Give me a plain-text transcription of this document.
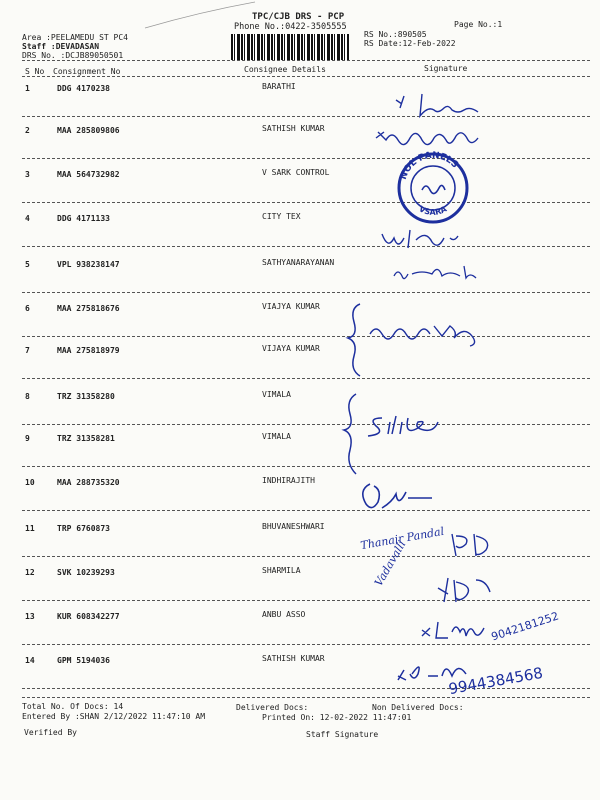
TPC/CJB DRS - PCP
Phone No.:0422-3505555	Page No.:1
Area :PEELAMEDU ST PC4
Staff :DEVADASAN
DRS No. :DCJB89050501
RS No.:890505
RS Date:12-Feb-2022
S No Consignment No	Consignee Details	Signature
1	DDG 4170238	BARATHI
2	MAA 285809806	SATHISH KUMAR
3	MAA 564732982	V SARK CONTROL
4	DDG 4171133	CITY TEX
5	VPL 938238147	SATHYANARAYANAN
6	MAA 275818676	VIAJYA KUMAR
7	MAA 275818979	VIJAYA KUMAR
8	TRZ 31358280	VIMALA
9	TRZ 31358281	VIMALA
10	MAA 288735320	INDHIRAJITH
11	TRP 6760873	BHUVANESHWARI
12	SVK 10239293	SHARMILA
13	KUR 608342277	ANBU ASSO
14	GPM 5194036	SATHISH KUMAR
NOL PANELS
VSARA
Thanair Pandal
Vadavalli
9042181252
9944384568
Total No. Of Docs: 14	Delivered Docs:	Non Delivered Docs:
Entered By :SHAN 2/12/2022 11:47:10 AM	Printed On: 12-02-2022 11:47:01
Verified By	Staff Signature
